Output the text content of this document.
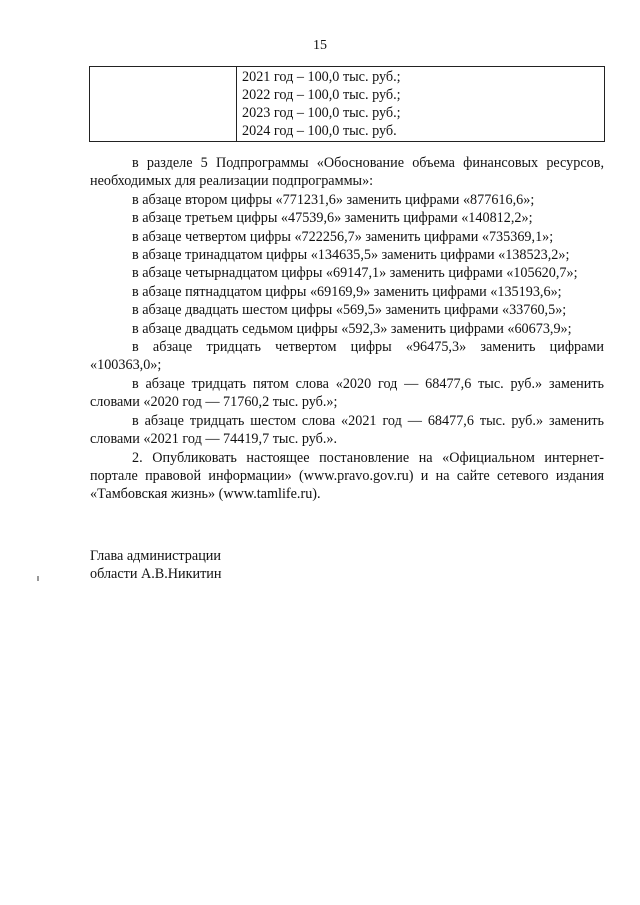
15
2021 год – 100,0 тыс. руб.;
2022 год – 100,0 тыс. руб.;
2023 год – 100,0 тыс. руб.;
2024 год – 100,0 тыс. руб.

в разделе 5 Подпрограммы «Обоснование объема финансовых ресурсов, необходимых для реализации подпрограммы»:

в абзаце втором цифры «771231,6» заменить цифрами «877616,6»;

в абзаце третьем цифры «47539,6» заменить цифрами «140812,2»;

в абзаце четвертом цифры «722256,7» заменить цифрами «735369,1»;

в абзаце тринадцатом цифры «134635,5» заменить цифрами «138523,2»;

в абзаце четырнадцатом цифры «69147,1» заменить цифрами «105620,7»;

в абзаце пятнадцатом цифры «69169,9» заменить цифрами «135193,6»;

в абзаце двадцать шестом цифры «569,5» заменить цифрами «33760,5»;

в абзаце двадцать седьмом цифры «592,3» заменить цифрами «60673,9»;

в абзаце тридцать четвертом цифры «96475,3» заменить цифрами «100363,0»;

в абзаце тридцать пятом слова «2020 год — 68477,6 тыс. руб.» заменить словами «2020 год — 71760,2 тыс. руб.»;

в абзаце тридцать шестом слова «2021 год — 68477,6 тыс. руб.» заменить словами «2021 год — 74419,7 тыс. руб.».

2. Опубликовать настоящее постановление на «Официальном интернет-портале правовой информации» (www.pravo.gov.ru) и на сайте сетевого издания «Тамбовская жизнь» (www.tamlife.ru).

Глава администрации
области А.В.Никитин
